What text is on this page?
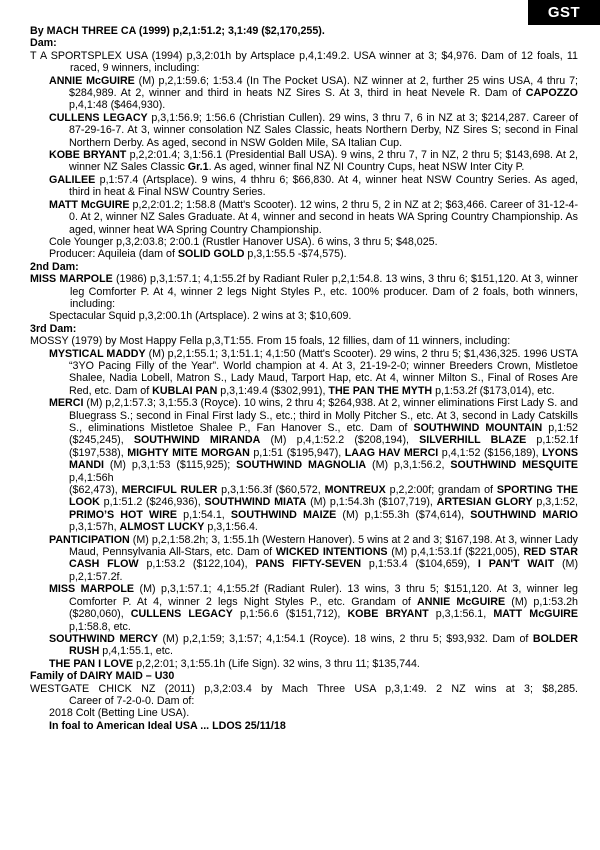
GST

By MACH THREE CA (1999) p,2,1:51.2; 3,1:49 ($2,170,255).

Dam:

T A SPORTSPLEX USA (1994) p,3,2:01h by Artsplace p,4,1:49.2. USA winner at 3; $4,976. Dam of 12 foals, 11 raced, 9 winners, including:

ANNIE McGUIRE (M) p,2,1:59.6; 1:53.4 (In The Pocket USA). NZ winner at 2, further 25 wins USA, 4 thru 7; $284,989. At 2, winner and third in heats NZ Sires S. At 3, third in heat Nevele R. Dam of CAPOZZO p,4,1:48 ($464,930).

CULLENS LEGACY p,3,1:56.9; 1:56.6 (Christian Cullen). 29 wins, 3 thru 7, 6 in NZ at 3; $214,287. Career of 87-29-16-7. At 3, winner consolation NZ Sales Classic, heats Northern Derby, NZ Sires S; second in Final Northern Derby. As aged, second in NSW Golden Mile, SA Italian Cup.

KOBE BRYANT p,2,2:01.4; 3,1:56.1 (Presidential Ball USA). 9 wins, 2 thru 7, 7 in NZ, 2 thru 5; $143,698. At 2, winner NZ Sales Classic Gr.1. As aged, winner final NZ NI Country Cups, heat NSW Inter City P.

GALILEE p,1:57.4 (Artsplace). 9 wins, 4 thhru 6; $66,830. At 4, winner heat NSW Country Series. As aged, third in heat & Final NSW Country Series.

MATT McGUIRE p,2,2:01.2; 1:58.8 (Matt's Scooter). 12 wins, 2 thru 5, 2 in NZ at 2; $63,466. Career of 31-12-4-0. At 2, winner NZ Sales Graduate. At 4, winner and second in heats WA Spring Country Championship. As aged, winner heat WA Spring Country Championship.

Cole Younger p,3,2:03.8; 2:00.1 (Rustler Hanover USA). 6 wins, 3 thru 5; $48,025.

Producer: Aquileia (dam of SOLID GOLD p,3,1:55.5 -$74,575).

2nd Dam:

MISS MARPOLE (1986) p,3,1:57.1; 4,1:55.2f by Radiant Ruler p,2,1:54.8. 13 wins, 3 thru 6; $151,120. At 3, winner leg Comforter P. At 4, winner 2 legs Night Styles P., etc. 100% producer. Dam of 2 foals, both winners, including:

Spectacular Squid p,3,2:00.1h (Artsplace). 2 wins at 3; $10,609.

3rd Dam:

MOSSY (1979) by Most Happy Fella p,3,T1:55. From 15 foals, 12 fillies, dam of 11 winners, including:

MYSTICAL MADDY (M) p,2,1:55.1; 3,1:51.1; 4,1:50 (Matt's Scooter). 29 wins, 2 thru 5; $1,436,325. 1996 USTA “3YO Pacing Filly of the Year”. World champion at 4. At 3, 21-19-2-0; winner Breeders Crown, Mistletoe Shalee, Nadia Lobell, Matron S., Lady Maud, Tarport Hap, etc. At 4, winner Milton S., Final of Roses Are Red, etc. Dam of KUBLAI PAN p,3,1:49.4 ($302,991), THE PAN THE MYTH p,1:53.2f ($173,014), etc.

MERCI (M) p,2,1:57.3; 3,1:55.3 (Royce). 10 wins, 2 thru 4; $264,938. At 2, winner eliminations First Lady S. and Bluegrass S.; second in Final First lady S., etc.; third in Molly Pitcher S., etc. At 3, second in Lady Catskills S., eliminations Mistletoe Shalee P., Fan Hanover S., etc. Dam of SOUTHWIND MOUNTAIN p,1:52 ($245,245), SOUTHWIND MIRANDA (M) p,4,1:52.2 ($208,194), SILVERHILL BLAZE p,1:52.1f ($197,538), MIGHTY MITE MORGAN p,1:51 ($195,947), LAAG HAV MERCI p,4,1:52 ($156,189), LYONS MANDI (M) p,3,1:53 ($115,925); SOUTHWIND MAGNOLIA (M) p,3,1:56.2, SOUTHWIND MESQUITE p,4,1:56h

($62,473), MERCIFUL RULER p,3,1:56.3f ($60,572, MONTREUX p,2,2:00f; grandam of SPORTING THE LOOK p,1:51.2 ($246,936), SOUTHWIND MIATA (M) p,1:54.3h ($107,719), ARTESIAN GLORY p,3,1:52, PRIMO’S HOT WIRE p,1:54.1, SOUTHWIND MAIZE (M) p,1:55.3h ($74,614), SOUTHWIND MARIO p,3,1:57h, ALMOST LUCKY p,3,1:56.4.

PANTICIPATION (M) p,2,1:58.2h; 3, 1:55.1h (Western Hanover). 5 wins at 2 and 3; $167,198. At 3, winner Lady Maud, Pennsylvania All-Stars, etc. Dam of WICKED INTENTIONS (M) p,4,1:53.1f ($221,005), RED STAR CASH FLOW p,1:53.2 ($122,104), PANS FIFTY-SEVEN p,1:53.4 ($104,659), I PAN'T WAIT (M) p,2,1:57.2f.

MISS MARPOLE (M) p,3,1:57.1; 4,1:55.2f (Radiant Ruler). 13 wins, 3 thru 5; $151,120. At 3, winner leg Comforter P. At 4, winner 2 legs Night Styles P., etc. Grandam of ANNIE McGUIRE (M) p,1:53.2h ($280,060), CULLENS LEGACY p,1:56.6 ($151,712), KOBE BRYANT p,3,1:56.1, MATT McGUIRE p,1:58.8, etc.

SOUTHWIND MERCY (M) p,2,1:59; 3,1:57; 4,1:54.1 (Royce). 18 wins, 2 thru 5; $93,932. Dam of BOLDER RUSH p,4,1:55.1, etc.

THE PAN I LOVE p,2,2:01; 3,1:55.1h (Life Sign). 32 wins, 3 thru 11; $135,744.

Family of DAIRY MAID – U30

WESTGATE CHICK NZ (2011) p,3,2:03.4 by Mach Three USA p,3,1:49. 2 NZ wins at 3; $8,285.

Career of 7-2-0-0. Dam of:

2018 Colt (Betting Line USA).

In foal to American Ideal USA ... LDOS 25/11/18
